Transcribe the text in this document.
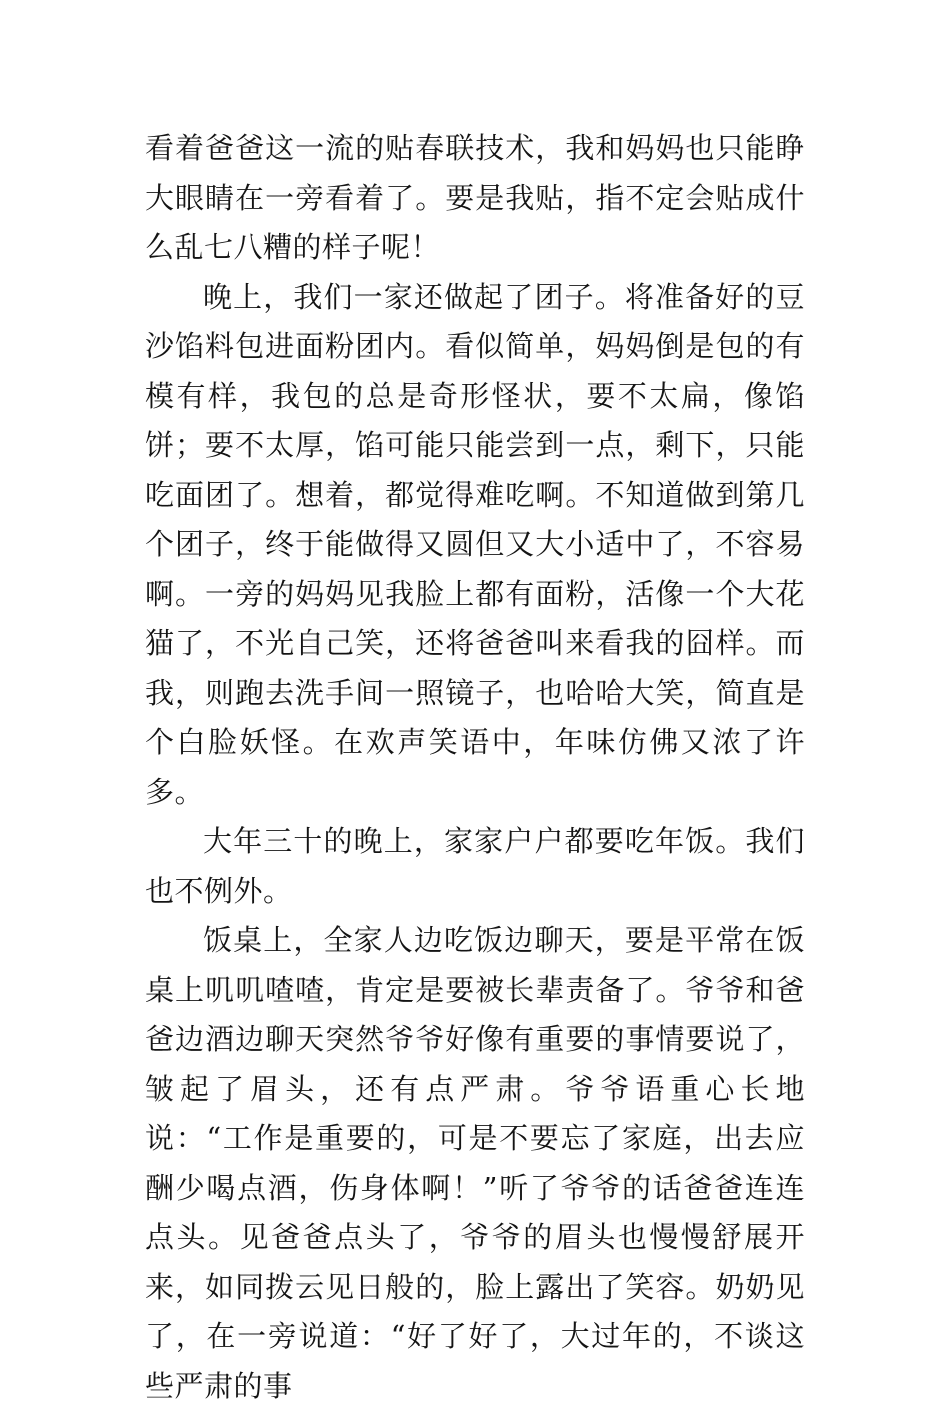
看着爸爸这一流的贴春联技术，我和妈妈也只能睁大眼睛在一旁看着了。要是我贴，指不定会贴成什么乱七八糟的样子呢！

晚上，我们一家还做起了团子。将准备好的豆沙馅料包进面粉团内。看似简单，妈妈倒是包的有模有样，我包的总是奇形怪状，要不太扁，像馅饼；要不太厚，馅可能只能尝到一点，剩下，只能吃面团了。想着，都觉得难吃啊。不知道做到第几个团子，终于能做得又圆但又大小适中了，不容易啊。一旁的妈妈见我脸上都有面粉，活像一个大花猫了，不光自己笑，还将爸爸叫来看我的囧样。而我，则跑去洗手间一照镜子，也哈哈大笑，简直是个白脸妖怪。在欢声笑语中，年味仿佛又浓了许多。

大年三十的晚上，家家户户都要吃年饭。我们也不例外。

饭桌上，全家人边吃饭边聊天，要是平常在饭桌上叽叽喳喳，肯定是要被长辈责备了。爷爷和爸爸边酒边聊天突然爷爷好像有重要的事情要说了，皱起了眉头，还有点严肃。爷爷语重心长地说：“工作是重要的，可是不要忘了家庭，出去应酬少喝点酒，伤身体啊！”听了爷爷的话爸爸连连点头。见爸爸点头了，爷爷的眉头也慢慢舒展开来，如同拨云见日般的，脸上露出了笑容。奶奶见了，在一旁说道：“好了好了，大过年的，不谈这些严肃的事
